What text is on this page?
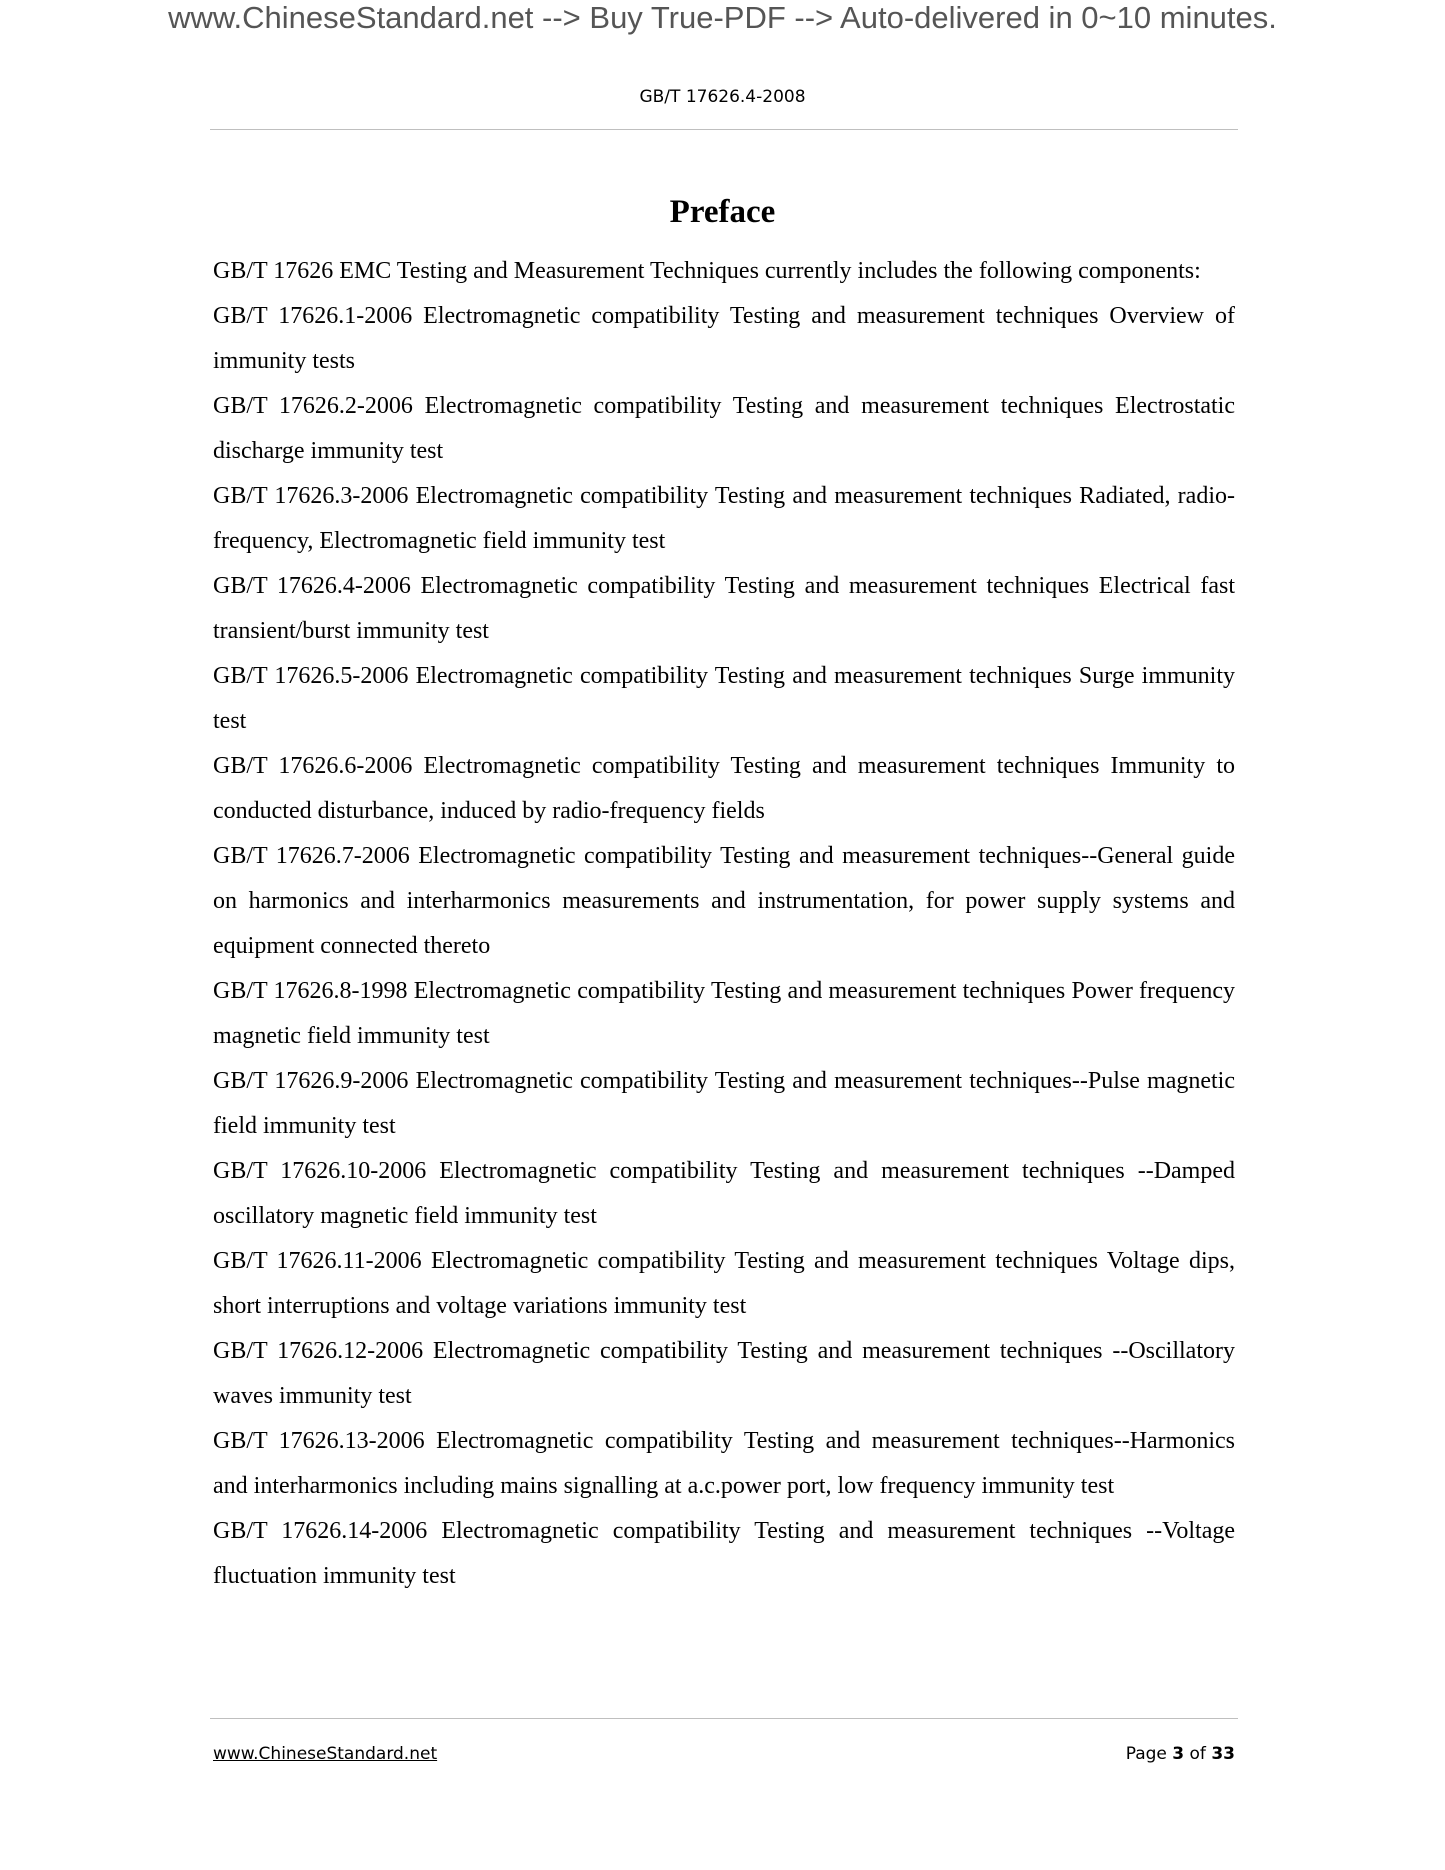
www.ChineseStandard.net --> Buy True-PDF --> Auto-delivered in 0~10 minutes.
GB/T 17626.4-2008
Preface

GB/T 17626 EMC Testing and Measurement Techniques currently includes the following components:

GB/T 17626.1-2006 Electromagnetic compatibility Testing and measurement techniques Overview of immunity tests

GB/T 17626.2-2006 Electromagnetic compatibility Testing and measurement techniques Electrostatic discharge immunity test

GB/T 17626.3-2006 Electromagnetic compatibility Testing and measurement techniques Radiated, radio-frequency, Electromagnetic field immunity test

GB/T 17626.4-2006 Electromagnetic compatibility Testing and measurement techniques Electrical fast transient/burst immunity test

GB/T 17626.5-2006 Electromagnetic compatibility Testing and measurement techniques Surge immunity test

GB/T 17626.6-2006 Electromagnetic compatibility Testing and measurement techniques Immunity to conducted disturbance, induced by radio-frequency fields

GB/T 17626.7-2006 Electromagnetic compatibility Testing and measurement techniques--General guide on harmonics and interharmonics measurements and instrumentation, for power supply systems and equipment connected thereto

GB/T 17626.8-1998 Electromagnetic compatibility Testing and measurement techniques Power frequency magnetic field immunity test

GB/T 17626.9-2006 Electromagnetic compatibility Testing and measurement techniques--Pulse magnetic field immunity test

GB/T 17626.10-2006 Electromagnetic compatibility Testing and measurement techniques --Damped oscillatory magnetic field immunity test

GB/T 17626.11-2006 Electromagnetic compatibility Testing and measurement techniques Voltage dips, short interruptions and voltage variations immunity test

GB/T 17626.12-2006 Electromagnetic compatibility Testing and measurement techniques --Oscillatory waves immunity test

GB/T 17626.13-2006 Electromagnetic compatibility Testing and measurement techniques--Harmonics and interharmonics including mains signalling at a.c.power port, low frequency immunity test

GB/T 17626.14-2006 Electromagnetic compatibility Testing and measurement techniques --Voltage fluctuation immunity test

www.ChineseStandard.net	Page 3 of 33
